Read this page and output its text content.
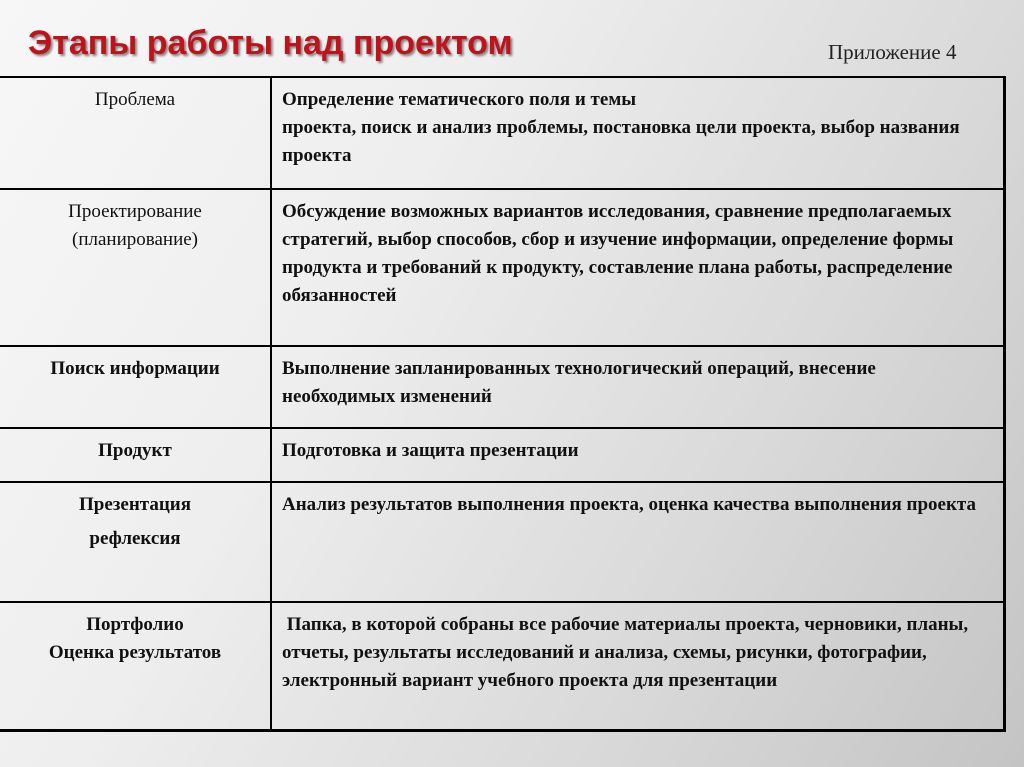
Этапы работы над проектом	Приложение 4
Проблема	Определение тематического поля и темы
проекта, поиск и анализ проблемы, постановка цели проекта, выбор названия проекта

Проектирование
(планирование)	Обсуждение возможных вариантов исследования, сравнение предполагаемых стратегий, выбор способов, сбор и изучение информации, определение формы продукта и требований к продукту, составление плана работы, распределение обязанностей

Поиск информации	Выполнение запланированных технологический операций, внесение необходимых изменений

Продукт	Подготовка и защита презентации

Презентация
рефлексия	Анализ результатов выполнения проекта, оценка качества выполнения проекта

Портфолио
Оценка результатов	Папка, в которой собраны все рабочие материалы проекта, черновики, планы, отчеты, результаты исследований и анализа, схемы, рисунки, фотографии, электронный вариант учебного проекта для презентации
